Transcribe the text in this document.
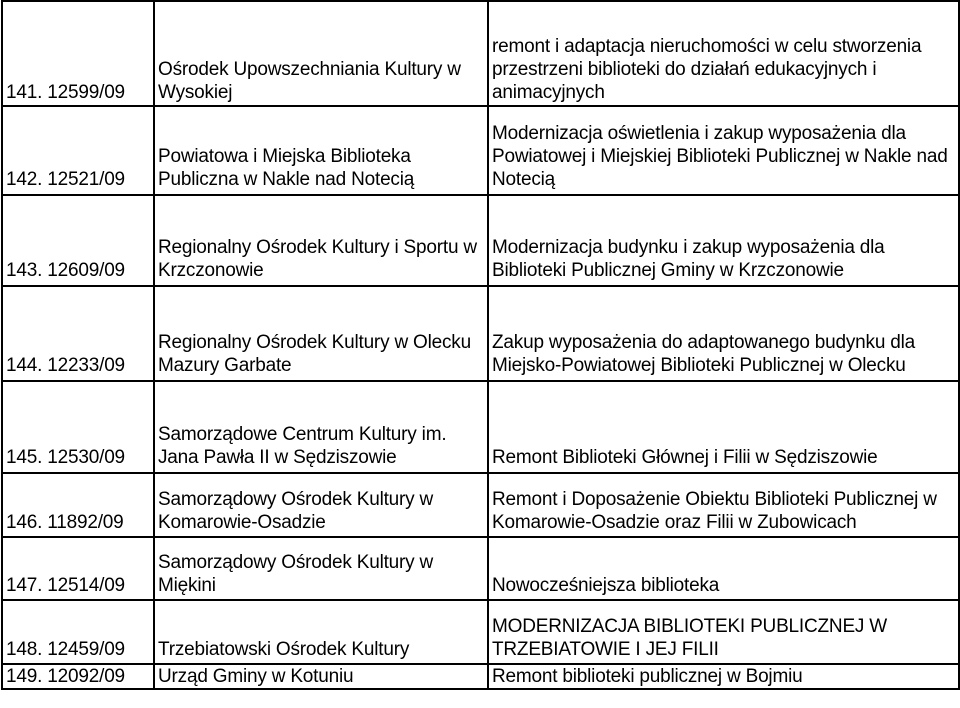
141. 12599/09	Ośrodek Upowszechniania Kultury w Wysokiej	remont i adaptacja nieruchomości w celu stworzenia przestrzeni biblioteki do działań edukacyjnych i animacyjnych
142. 12521/09	Powiatowa i Miejska Biblioteka Publiczna w Nakle nad Notecią	Modernizacja oświetlenia i zakup wyposażenia dla Powiatowej i Miejskiej Biblioteki Publicznej w Nakle nad Notecią
143. 12609/09	Regionalny Ośrodek Kultury i Sportu w Krzczonowie	Modernizacja budynku i zakup wyposażenia dla Biblioteki Publicznej Gminy w Krzczonowie
144. 12233/09	Regionalny Ośrodek Kultury w Olecku Mazury Garbate	Zakup wyposażenia do adaptowanego budynku dla Miejsko-Powiatowej Biblioteki Publicznej w Olecku
145. 12530/09	Samorządowe Centrum Kultury im. Jana Pawła II w Sędziszowie	Remont Biblioteki Głównej i Filii w Sędziszowie
146. 11892/09	Samorządowy Ośrodek Kultury w Komarowie-Osadzie	Remont i Doposażenie Obiektu Biblioteki Publicznej w Komarowie-Osadzie oraz Filii w Zubowicach
147. 12514/09	Samorządowy Ośrodek Kultury w Miękini	Nowocześniejsza biblioteka
148. 12459/09	Trzebiatowski Ośrodek Kultury	MODERNIZACJA BIBLIOTEKI PUBLICZNEJ W TRZEBIATOWIE I JEJ FILII
149. 12092/09	Urząd Gminy w Kotuniu	Remont biblioteki publicznej w Bojmiu
